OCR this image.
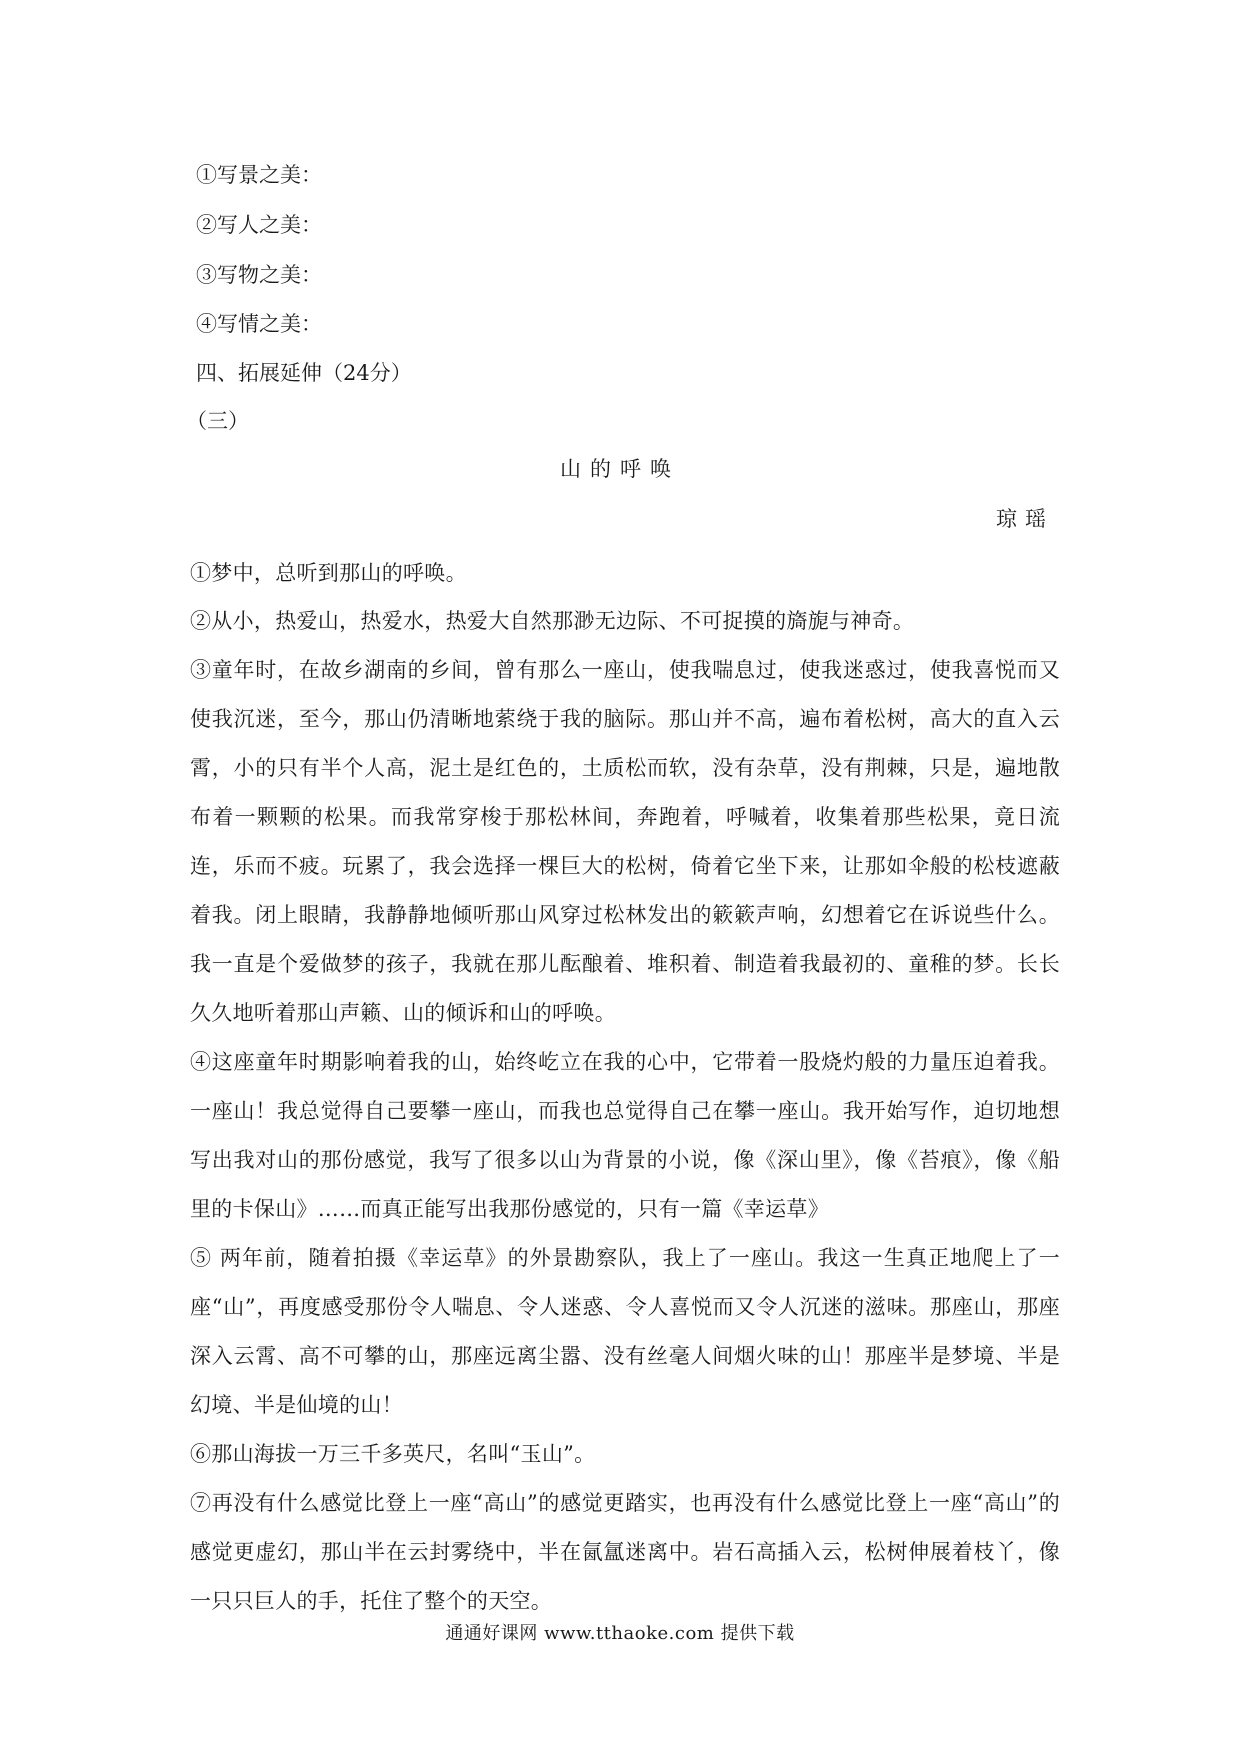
①写景之美：
②写人之美：
③写物之美：
④写情之美：
四、拓展延伸（24分）
（三）
山的呼唤
琼瑶
①梦中，总听到那山的呼唤。
②从小，热爱山，热爱水，热爱大自然那渺无边际、不可捉摸的旖旎与神奇。
③童年时，在故乡湖南的乡间，曾有那么一座山，使我喘息过，使我迷惑过，使我喜悦而又使我沉迷，至今，那山仍清晰地萦绕于我的脑际。那山并不高，遍布着松树，高大的直入云霄，小的只有半个人高，泥土是红色的，土质松而软，没有杂草，没有荆棘，只是，遍地散布着一颗颗的松果。而我常穿梭于那松林间，奔跑着，呼喊着，收集着那些松果，竟日流连，乐而不疲。玩累了，我会选择一棵巨大的松树，倚着它坐下来，让那如伞般的松枝遮蔽着我。闭上眼睛，我静静地倾听那山风穿过松林发出的簌簌声响，幻想着它在诉说些什么。我一直是个爱做梦的孩子，我就在那儿酝酿着、堆积着、制造着我最初的、童稚的梦。长长久久地听着那山声籁、山的倾诉和山的呼唤。
④这座童年时期影响着我的山，始终屹立在我的心中，它带着一股烧灼般的力量压迫着我。一座山！我总觉得自己要攀一座山，而我也总觉得自己在攀一座山。我开始写作，迫切地想写出我对山的那份感觉，我写了很多以山为背景的小说，像《深山里》，像《苔痕》，像《船里的卡保山》……而真正能写出我那份感觉的，只有一篇《幸运草》
⑤ 两年前，随着拍摄《幸运草》的外景勘察队，我上了一座山。我这一生真正地爬上了一座“山”，再度感受那份令人喘息、令人迷惑、令人喜悦而又令人沉迷的滋味。那座山，那座深入云霄、高不可攀的山，那座远离尘嚣、没有丝毫人间烟火味的山！那座半是梦境、半是幻境、半是仙境的山！
⑥那山海拔一万三千多英尺，名叫“玉山”。
⑦再没有什么感觉比登上一座“高山”的感觉更踏实，也再没有什么感觉比登上一座“高山”的感觉更虚幻，那山半在云封雾绕中，半在氤氲迷离中。岩石高插入云，松树伸展着枝丫，像一只只巨人的手，托住了整个的天空。
通通好课网 www.tthaoke.com 提供下载
